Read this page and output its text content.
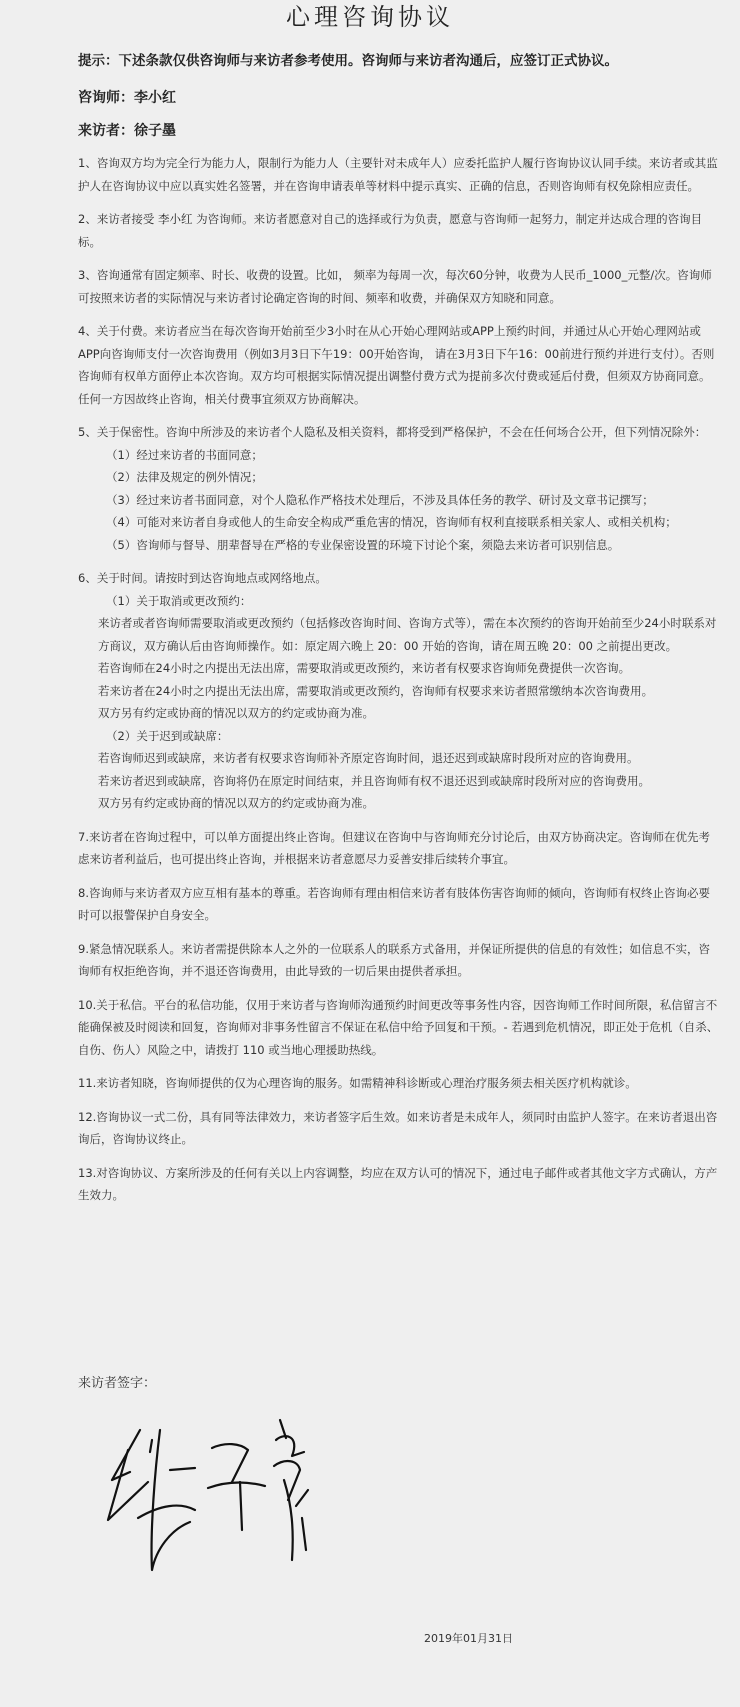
心理咨询协议
提示：下述条款仅供咨询师与来访者参考使用。咨询师与来访者沟通后，应签订正式协议。
咨询师：李小红
来访者：徐子墨

1、咨询双方均为完全行为能力人，限制行为能力人（主要针对未成年人）应委托监护人履行咨询协议认同手续。来访者或其监护人在咨询协议中应以真实姓名签署，并在咨询申请表单等材料中提示真实、正确的信息，否则咨询师有权免除相应责任。

2、来访者接受 李小红 为咨询师。来访者愿意对自己的选择或行为负责，愿意与咨询师一起努力，制定并达成合理的咨询目标。

3、咨询通常有固定频率、时长、收费的设置。比如， 频率为每周一次，每次60分钟，收费为人民币_1000_元整/次。咨询师可按照来访者的实际情况与来访者讨论确定咨询的时间、频率和收费，并确保双方知晓和同意。

4、关于付费。来访者应当在每次咨询开始前至少3小时在从心开始心理网站或APP上预约时间，并通过从心开始心理网站或APP向咨询师支付一次咨询费用（例如3月3日下午19：00开始咨询， 请在3月3日下午16：00前进行预约并进行支付）。否则咨询师有权单方面停止本次咨询。双方均可根据实际情况提出调整付费方式为提前多次付费或延后付费，但须双方协商同意。任何一方因故终止咨询，相关付费事宜须双方协商解决。

5、关于保密性。咨询中所涉及的来访者个人隐私及相关资料，都将受到严格保护，不会在任何场合公开，但下列情况除外：

（1）经过来访者的书面同意；

（2）法律及规定的例外情况；

（3）经过来访者书面同意，对个人隐私作严格技术处理后，不涉及具体任务的教学、研讨及文章书记撰写；

（4）可能对来访者自身或他人的生命安全构成严重危害的情况，咨询师有权利直接联系相关家人、或相关机构；

（5）咨询师与督导、朋辈督导在严格的专业保密设置的环境下讨论个案，须隐去来访者可识别信息。

6、关于时间。请按时到达咨询地点或网络地点。

（1）关于取消或更改预约：

来访者或者咨询师需要取消或更改预约（包括修改咨询时间、咨询方式等），需在本次预约的咨询开始前至少24小时联系对方商议，双方确认后由咨询师操作。如：原定周六晚上 20：00 开始的咨询，请在周五晚 20：00 之前提出更改。

若咨询师在24小时之内提出无法出席，需要取消或更改预约，来访者有权要求咨询师免费提供一次咨询。

若来访者在24小时之内提出无法出席，需要取消或更改预约，咨询师有权要求来访者照常缴纳本次咨询费用。

双方另有约定或协商的情况以双方的约定或协商为准。

（2）关于迟到或缺席：

若咨询师迟到或缺席，来访者有权要求咨询师补齐原定咨询时间，退还迟到或缺席时段所对应的咨询费用。

若来访者迟到或缺席，咨询将仍在原定时间结束，并且咨询师有权不退还迟到或缺席时段所对应的咨询费用。

双方另有约定或协商的情况以双方的约定或协商为准。

7.来访者在咨询过程中，可以单方面提出终止咨询。但建议在咨询中与咨询师充分讨论后，由双方协商决定。咨询师在优先考虑来访者利益后，也可提出终止咨询，并根据来访者意愿尽力妥善安排后续转介事宜。

8.咨询师与来访者双方应互相有基本的尊重。若咨询师有理由相信来访者有肢体伤害咨询师的倾向，咨询师有权终止咨询必要时可以报警保护自身安全。

9.紧急情况联系人。来访者需提供除本人之外的一位联系人的联系方式备用，并保证所提供的信息的有效性；如信息不实，咨询师有权拒绝咨询，并不退还咨询费用，由此导致的一切后果由提供者承担。

10.关于私信。平台的私信功能，仅用于来访者与咨询师沟通预约时间更改等事务性内容，因咨询师工作时间所限，私信留言不能确保被及时阅读和回复，咨询师对非事务性留言不保证在私信中给予回复和干预。- 若遇到危机情况，即正处于危机（自杀、自伤、伤人）风险之中，请拨打 110 或当地心理援助热线。

11.来访者知晓，咨询师提供的仅为心理咨询的服务。如需精神科诊断或心理治疗服务须去相关医疗机构就诊。

12.咨询协议一式二份，具有同等法律效力，来访者签字后生效。如来访者是未成年人，须同时由监护人签字。在来访者退出咨询后，咨询协议终止。

13.对咨询协议、方案所涉及的任何有关以上内容调整，均应在双方认可的情况下，通过电子邮件或者其他文字方式确认，方产生效力。

来访者签字：
2019年01月31日
